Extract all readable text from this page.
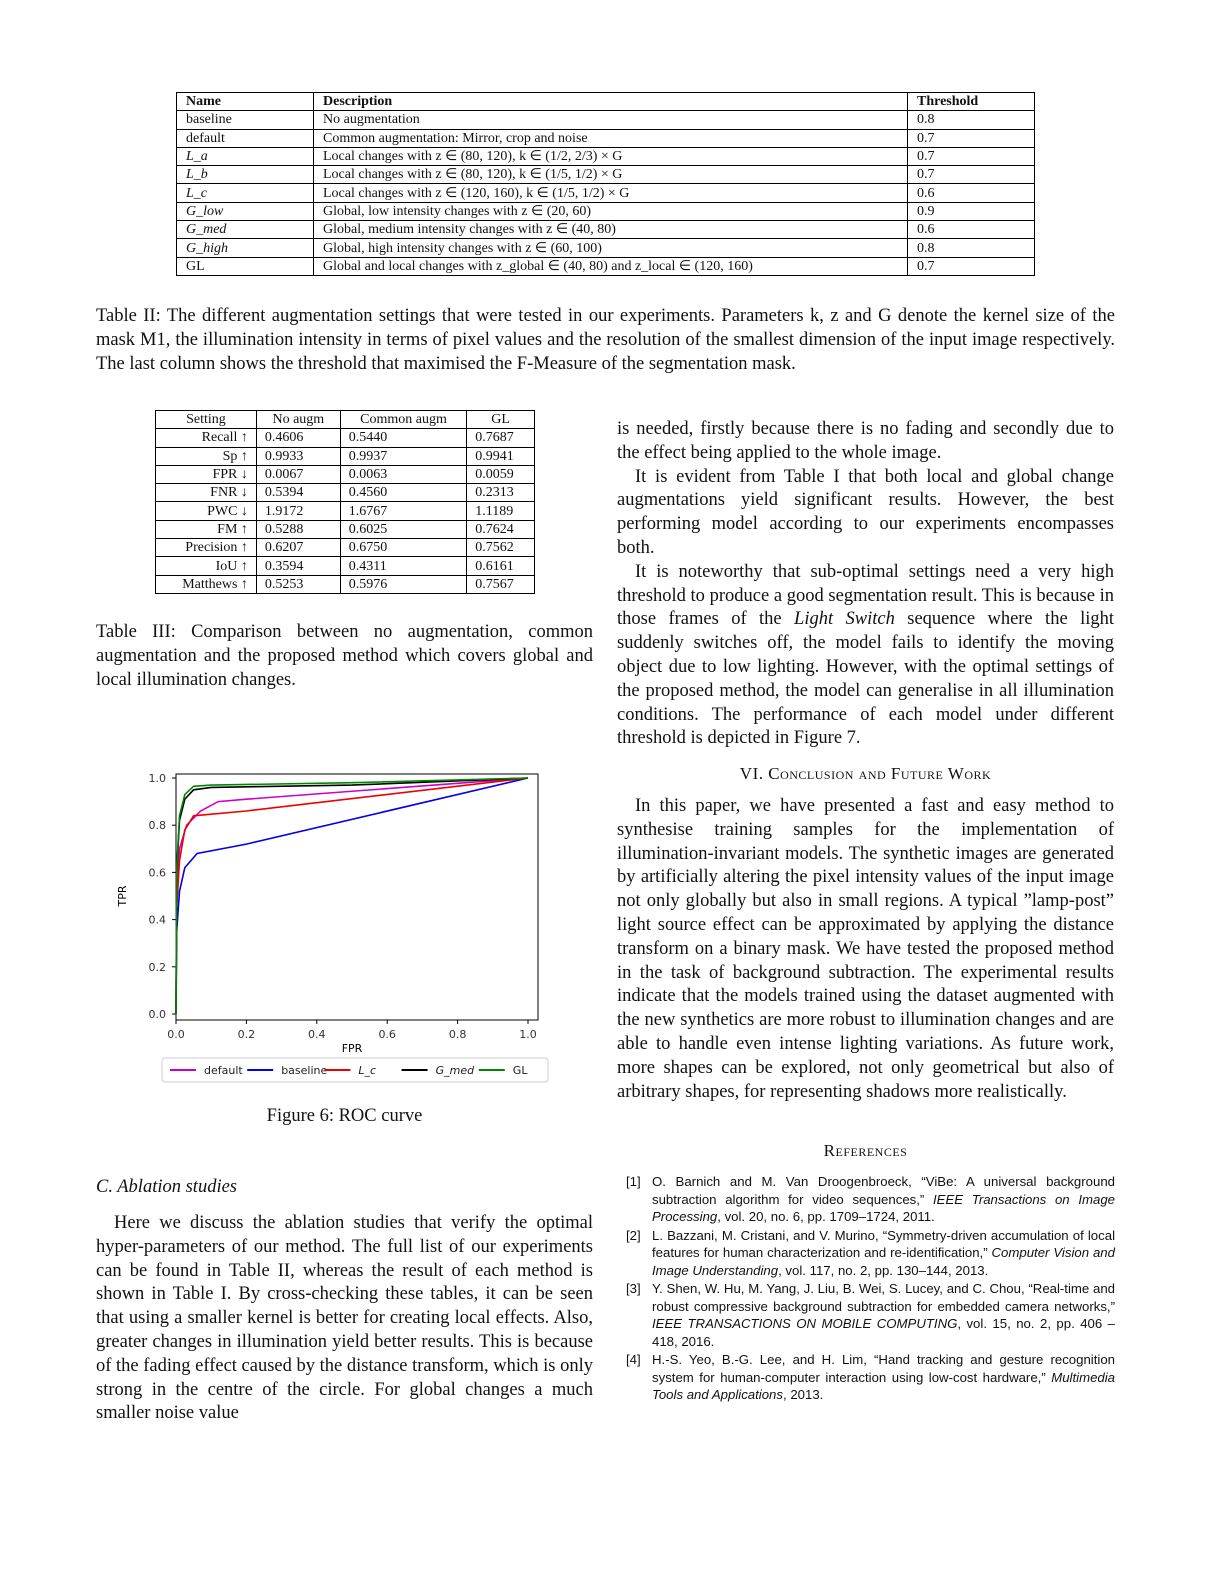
Name	Description	Threshold
baseline	No augmentation	0.8
default	Common augmentation: Mirror, crop and noise	0.7
L_a	Local changes with z ∈ (80, 120), k ∈ (1/2, 2/3) × G	0.7
L_b	Local changes with z ∈ (80, 120), k ∈ (1/5, 1/2) × G	0.7
L_c	Local changes with z ∈ (120, 160), k ∈ (1/5, 1/2) × G	0.6
G_low	Global, low intensity changes with z ∈ (20, 60)	0.9
G_med	Global, medium intensity changes with z ∈ (40, 80)	0.6
G_high	Global, high intensity changes with z ∈ (60, 100)	0.8
GL	Global and local changes with z_global ∈ (40, 80) and z_local ∈ (120, 160)	0.7
Table II: The different augmentation settings that were tested in our experiments. Parameters k, z and G denote the kernel size of the mask M1, the illumination intensity in terms of pixel values and the resolution of the smallest dimension of the input image respectively. The last column shows the threshold that maximised the F-Measure of the segmentation mask.
Setting	No augm	Common augm	GL
Recall ↑	0.4606	0.5440	0.7687
Sp ↑	0.9933	0.9937	0.9941
FPR ↓	0.0067	0.0063	0.0059
FNR ↓	0.5394	0.4560	0.2313
PWC ↓	1.9172	1.6767	1.1189
FM ↑	0.5288	0.6025	0.7624
Precision ↑	0.6207	0.6750	0.7562
IoU ↑	0.3594	0.4311	0.6161
Matthews ↑	0.5253	0.5976	0.7567
Table III: Comparison between no augmentation, common augmentation and the proposed method which covers global and local illumination changes.
0.0	0.2	0.4	0.6	0.8	1.0
0.0
0.2
0.4
0.6
0.8
1.0
FPR
TPR
default	baseline	L_c	G_med	GL
Figure 6: ROC curve
C. Ablation studies

Here we discuss the ablation studies that verify the optimal hyper-parameters of our method. The full list of our experiments can be found in Table II, whereas the result of each method is shown in Table I. By cross-checking these tables, it can be seen that using a smaller kernel is better for creating local effects. Also, greater changes in illumination yield better results. This is because of the fading effect caused by the distance transform, which is only strong in the centre of the circle. For global changes a much smaller noise value

is needed, firstly because there is no fading and secondly due to the effect being applied to the whole image.

It is evident from Table I that both local and global change augmentations yield significant results. However, the best performing model according to our experiments encompasses both.

It is noteworthy that sub-optimal settings need a very high threshold to produce a good segmentation result. This is because in those frames of the Light Switch sequence where the light suddenly switches off, the model fails to identify the moving object due to low lighting. However, with the optimal settings of the proposed method, the model can generalise in all illumination conditions. The performance of each model under different threshold is depicted in Figure 7.

VI. Conclusion and Future Work

In this paper, we have presented a fast and easy method to synthesise training samples for the implementation of illumination-invariant models. The synthetic images are generated by artificially altering the pixel intensity values of the input image not only globally but also in small regions. A typical ”lamp-post” light source effect can be approximated by applying the distance transform on a binary mask. We have tested the proposed method in the task of background subtraction. The experimental results indicate that the models trained using the dataset augmented with the new synthetics are more robust to illumination changes and are able to handle even intense lighting variations. As future work, more shapes can be explored, not only geometrical but also of arbitrary shapes, for representing shadows more realistically.

References
[1] O. Barnich and M. Van Droogenbroeck, “ViBe: A universal background subtraction algorithm for video sequences,” IEEE Transactions on Image Processing, vol. 20, no. 6, pp. 1709–1724, 2011.
[2] L. Bazzani, M. Cristani, and V. Murino, “Symmetry-driven accumulation of local features for human characterization and re-identification,” Computer Vision and Image Understanding, vol. 117, no. 2, pp. 130–144, 2013.
[3] Y. Shen, W. Hu, M. Yang, J. Liu, B. Wei, S. Lucey, and C. Chou, “Real-time and robust compressive background subtraction for embedded camera networks,” IEEE TRANSACTIONS ON MOBILE COMPUTING, vol. 15, no. 2, pp. 406 – 418, 2016.
[4] H.-S. Yeo, B.-G. Lee, and H. Lim, “Hand tracking and gesture recognition system for human-computer interaction using low-cost hardware,” Multimedia Tools and Applications, 2013.
